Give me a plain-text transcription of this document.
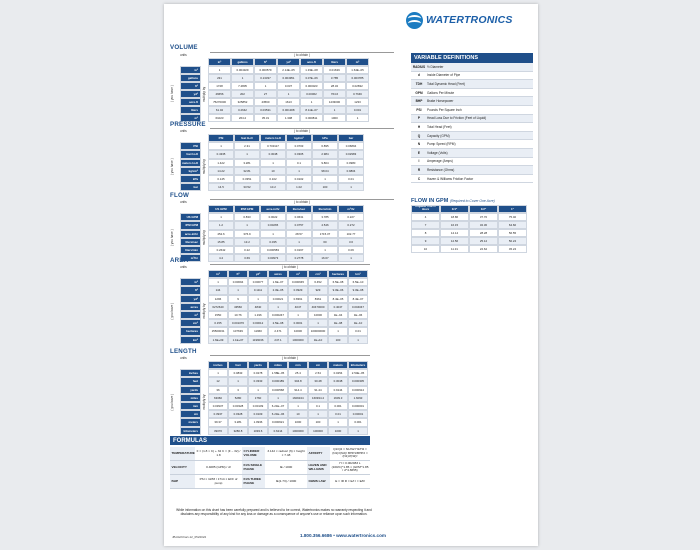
WATERTRONICS
VOLUME
units	( to obtain )
( you have )	multiply by
in³	gallons	ft³	yd³	acre-ft	liters	m³
in³	1	0.004329	0.000579	2.14E–05	1.33E–08	0.01639	1.64E–05
gallons	231	1	0.13337	0.004951	3.07E–06	3.785	0.003785
ft³	1728	7.4805	1	0.037	0.000023	28.32	0.02832
yd³	46656	202	27	1	0.00062	764.6	0.7646
acre-ft	75270000	325852	43560	1613	1	1233000	1233
liters	61.02	0.2642	0.03531	0.001308	8.11E–07	1	0.001
m³	61023	264.2	35.31	1.308	0.000811	1000	1
PRESSURE
units	( to obtain )
( you have )	multiply by
PSI	feet H₂O	meters H₂O	kg/cm²	kPa	bar
PSI	1	2.31	0.703117	0.0703	6.895	0.06894
feet H₂O	0.4335	1	0.3048	0.0305	2.984	0.02983
meters H₂O	1.422	3.281	1	0.1	9.804	0.0980
kg/cm²	14.22	32.81	10	1	98.04	0.9804
kPa	0.145	0.3351	0.102	0.0102	1	0.01
bar	14.5	33.52	10.2	1.02	100	1
FLOW
units	( to obtain )
( you have )	multiply by
US GPM	IPM GPM	acre-in/hr	liters/sec	liters/min	m³/hr
US GPM	1	0.833	0.0022	0.0631	3.785	0.227
IPM GPM	1.2	1	0.00265	0.0757	4.546	0.272
acre-in/hr	452.6	376.9	1	28.57	1715.37	102.77
liters/sec	15.85	13.2	0.035	1	60	3.6
liters/min	0.2642	0.22	0.000583	0.0167	1	0.06
m³/hr	4.4	3.69	0.00973	0.2778	16.67	1
AREA
units	( to obtain )
( you have )	multiply by
in²	ft²	yd²	acres	m²	cm²	hectares	km²
in²	1	0.00694	0.00077	1.6E–07	0.000645	6.452	6.5E–08	6.5E–10
ft²	144	1	0.1111	2.3E–05	0.0929	929	9.3E–06	9.3E–08
yd²	1296	9	1	0.00021	0.8361	8361	8.4E–05	8.4E–07
acres	6272640	43560	4840	1	4047	40470000	0.4047	0.004047
m²	1550	10.76	1.196	0.000247	1	10000	1E–04	1E–06
cm²	0.155	0.001076	0.00012	2.5E–08	0.0001	1	1E–08	1E–10
hectares	15500031	107639	11960	2.471	10000	100000000	1	0.01
km²	1.6E+09	1.1E+07	1196036	247.1	1000000	1E+10	100	1
LENGTH
units	( to obtain )
( you have )	multiply by
inches	feet	yards	miles	mm	cm	meters	kilometers
inches	1	0.0833	0.0278	1.58E–05	25.4	2.54	0.0254	2.54E–05
feet	12	1	0.3333	0.000189	304.8	30.48	0.3048	0.000305
yards	36	3	1	0.000568	914.4	91.44	0.9144	0.000914
miles	63360	5280	1760	1	1609344	160934.4	1609.3	1.6093
mm	0.03937	0.00328	0.00109	6.21E–07	1	0.1	0.001	0.000001
cm	0.3937	0.0328	0.0109	6.21E–06	10	1	0.01	0.00001
meters	39.37	3.281	1.0936	0.000621	1000	100	1	0.001
kilometers	39370	3280.8	1093.6	0.6214	1000000	100000	1000	1
VARIABLE DEFINITIONS
RADIUS ½ Diameter
d	Inside Diameter of Pipe
TDH	Total Dynamic Head (Feet)
GPM	Gallons Per Minute
BHP	Brake Horsepower
PSI	Pounds Per Square Inch
P	Head Loss Due to Friction (Feet of Liquid)
H	Total Head (Feet)
Q	Capacity (GPM)
N	Pump Speed (RPM)
E	Voltage (Volts)
I	Amperage (Amps)
R	Resistance (Ohms)
C	Hazen & Williams Friction Factor
FLOW IN GPM (Required to Cover One Acre)
Irrigation Time in Hours	1/4"	1/2"	1"
4	18.86	37.70	75.40
7	16.15	32.30	64.60
8	14.14	28.28	56.55
9	12.56	25.12	50.24
10	11.31	22.62	45.24
FORMULAS
TEMPERATURE F = (1.8 × C) + 32 C = (F – 32) / 1.8
CYLINDER VOLUME
3.142 × radius² (ft) × height × 7.48	AFFINITY
Q1/Q2 = N1/N2 H1/H2 = (N1)²/(N2)² BHP1/BHP2 = (N1)³/(N2)³
VELOCITY	0.4085 (GPM) / d²	KVA SINGLE PHASE	IE / 1000	HAZEN AND WILLIAMS
H = 0.002083 L (100/C)^1.85 × (GPM^1.85 / d^4.8655)
BHP	PSI × GPM / 1714 × EFF of pump
KVA THREE PHASE	IE(1.73) / 1000	OHMS LAW	E = IR R = E/I I = E/R
While information on this chart has been carefully prepared and is believed to be correct, Watertronics makes no warranty respecting it and disclaims any responsibility of any kind for any loss or damage as a consequence of anyone's use or reliance upon such information.
JB-RefChart-12_0522022	1.800.356.6686 • www.watertronics.com
